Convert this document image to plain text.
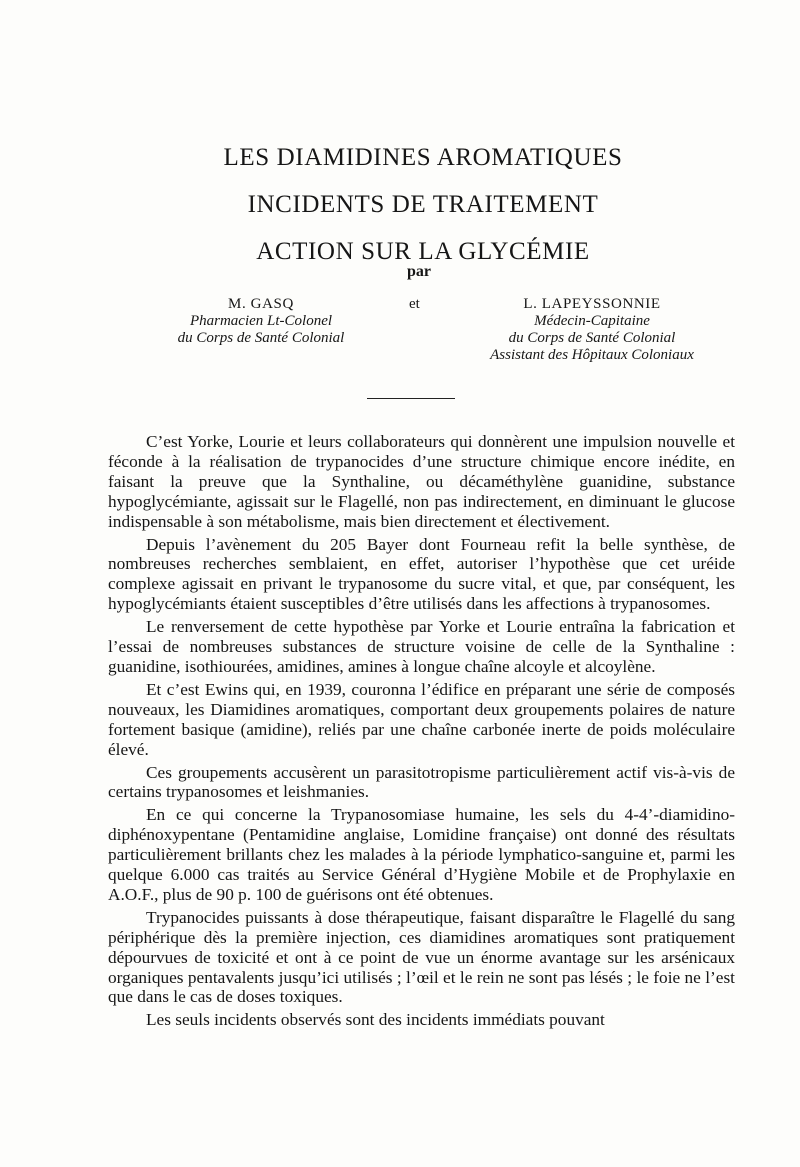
LES DIAMIDINES AROMATIQUES
INCIDENTS DE TRAITEMENT
ACTION SUR LA GLYCÉMIE
par
M. GASQ
Pharmacien Lt-Colonel
du Corps de Santé Colonial
et	L. LAPEYSSONNIE
Médecin-Capitaine
du Corps de Santé Colonial
Assistant des Hôpitaux Coloniaux

C’est Yorke, Lourie et leurs collaborateurs qui donnèrent une impulsion nouvelle et féconde à la réalisation de trypanocides d’une structure chimique encore inédite, en faisant la preuve que la Synthaline, ou décaméthylène guanidine, substance hypoglycémiante, agissait sur le Flagellé, non pas indirectement, en diminuant le glucose indispensable à son métabolisme, mais bien directement et électivement.

Depuis l’avènement du 205 Bayer dont Fourneau refit la belle synthèse, de nombreuses recherches semblaient, en effet, autoriser l’hypothèse que cet uréide complexe agissait en privant le trypanosome du sucre vital, et que, par conséquent, les hypoglycémiants étaient susceptibles d’être utilisés dans les affections à trypanosomes.

Le renversement de cette hypothèse par Yorke et Lourie entraîna la fabrication et l’essai de nombreuses substances de structure voisine de celle de la Synthaline : guanidine, isothiourées, amidines, amines à longue chaîne alcoyle et alcoylène.

Et c’est Ewins qui, en 1939, couronna l’édifice en préparant une série de composés nouveaux, les Diamidines aromatiques, comportant deux groupements polaires de nature fortement basique (amidine), reliés par une chaîne carbonée inerte de poids moléculaire élevé.

Ces groupements accusèrent un parasitotropisme particulièrement actif vis-à-vis de certains trypanosomes et leishmanies.

En ce qui concerne la Trypanosomiase humaine, les sels du 4-4’-diamidino-diphénoxypentane (Pentamidine anglaise, Lomidine française) ont donné des résultats particulièrement brillants chez les malades à la période lymphatico-sanguine et, parmi les quelque 6.000 cas traités au Service Général d’Hygiène Mobile et de Prophylaxie en A.O.F., plus de 90 p. 100 de guérisons ont été obtenues.

Trypanocides puissants à dose thérapeutique, faisant disparaître le Flagellé du sang périphérique dès la première injection, ces diamidines aromatiques sont pratiquement dépourvues de toxicité et ont à ce point de vue un énorme avantage sur les arsénicaux organiques pentavalents jusqu’ici utilisés ; l’œil et le rein ne sont pas lésés ; le foie ne l’est que dans le cas de doses toxiques.

Les seuls incidents observés sont des incidents immédiats pouvant
